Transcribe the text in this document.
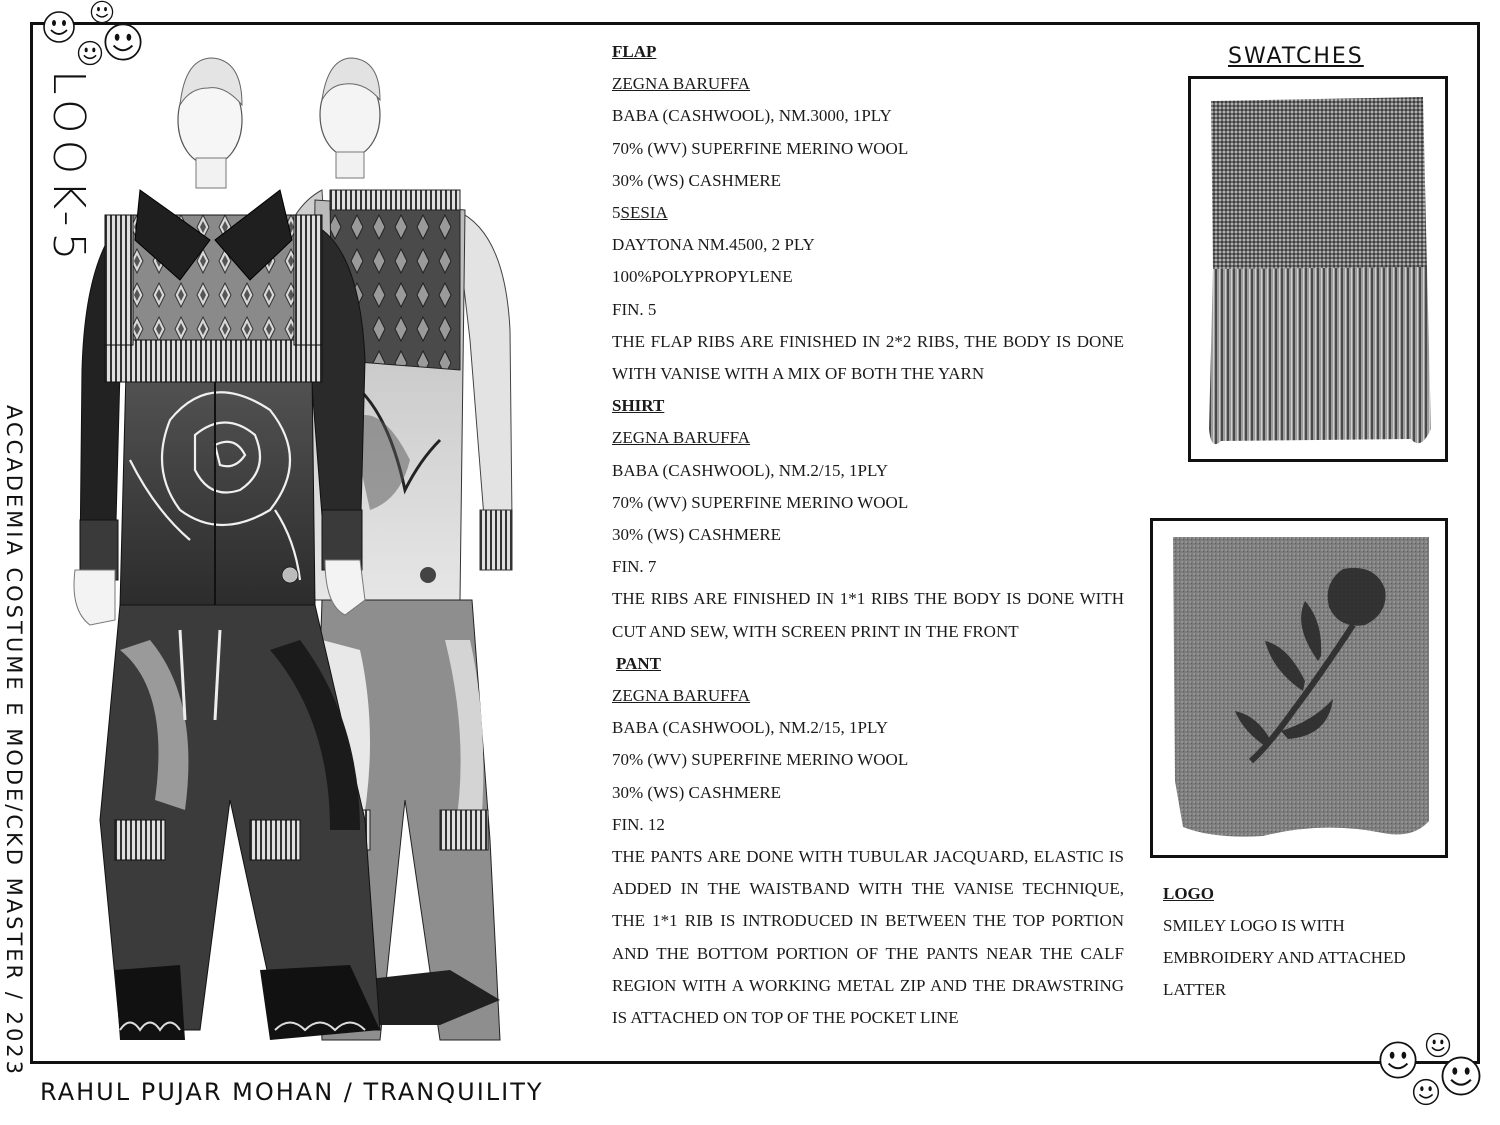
LOOK-5
ACCADEMIA COSTUME E MODE/CKD MASTER / 2023
RAHUL PUJAR MOHAN / TRANQUILITY
FLAP
ZEGNA BARUFFA
BABA (CASHWOOL), NM.3000, 1PLY
70% (WV) SUPERFINE MERINO WOOL
30% (WS) CASHMERE
5SESIA
DAYTONA NM.4500, 2 PLY
100%POLYPROPYLENE
FIN. 5
THE FLAP RIBS ARE FINISHED IN 2*2 RIBS, THE BODY IS DONE WITH VANISE WITH A MIX OF BOTH THE YARN
SHIRT
ZEGNA BARUFFA
BABA (CASHWOOL), NM.2/15, 1PLY
70% (WV) SUPERFINE MERINO WOOL
30% (WS) CASHMERE
FIN. 7
THE RIBS ARE FINISHED IN 1*1 RIBS THE BODY IS DONE WITH CUT AND SEW, WITH SCREEN PRINT IN THE FRONT
PANT
ZEGNA BARUFFA
BABA (CASHWOOL), NM.2/15, 1PLY
70% (WV) SUPERFINE MERINO WOOL
30% (WS) CASHMERE
FIN. 12
THE PANTS ARE DONE WITH TUBULAR JACQUARD, ELASTIC IS ADDED IN THE WAISTBAND WITH THE VANISE TECHNIQUE, THE 1*1 RIB IS INTRODUCED IN BETWEEN THE TOP PORTION AND THE BOTTOM PORTION OF THE PANTS NEAR THE CALF REGION WITH A WORKING METAL ZIP AND THE DRAWSTRING IS ATTACHED ON TOP OF THE POCKET LINE
SWATCHES
LOGO
SMILEY LOGO IS WITH
EMBROIDERY AND ATTACHED
LATTER
